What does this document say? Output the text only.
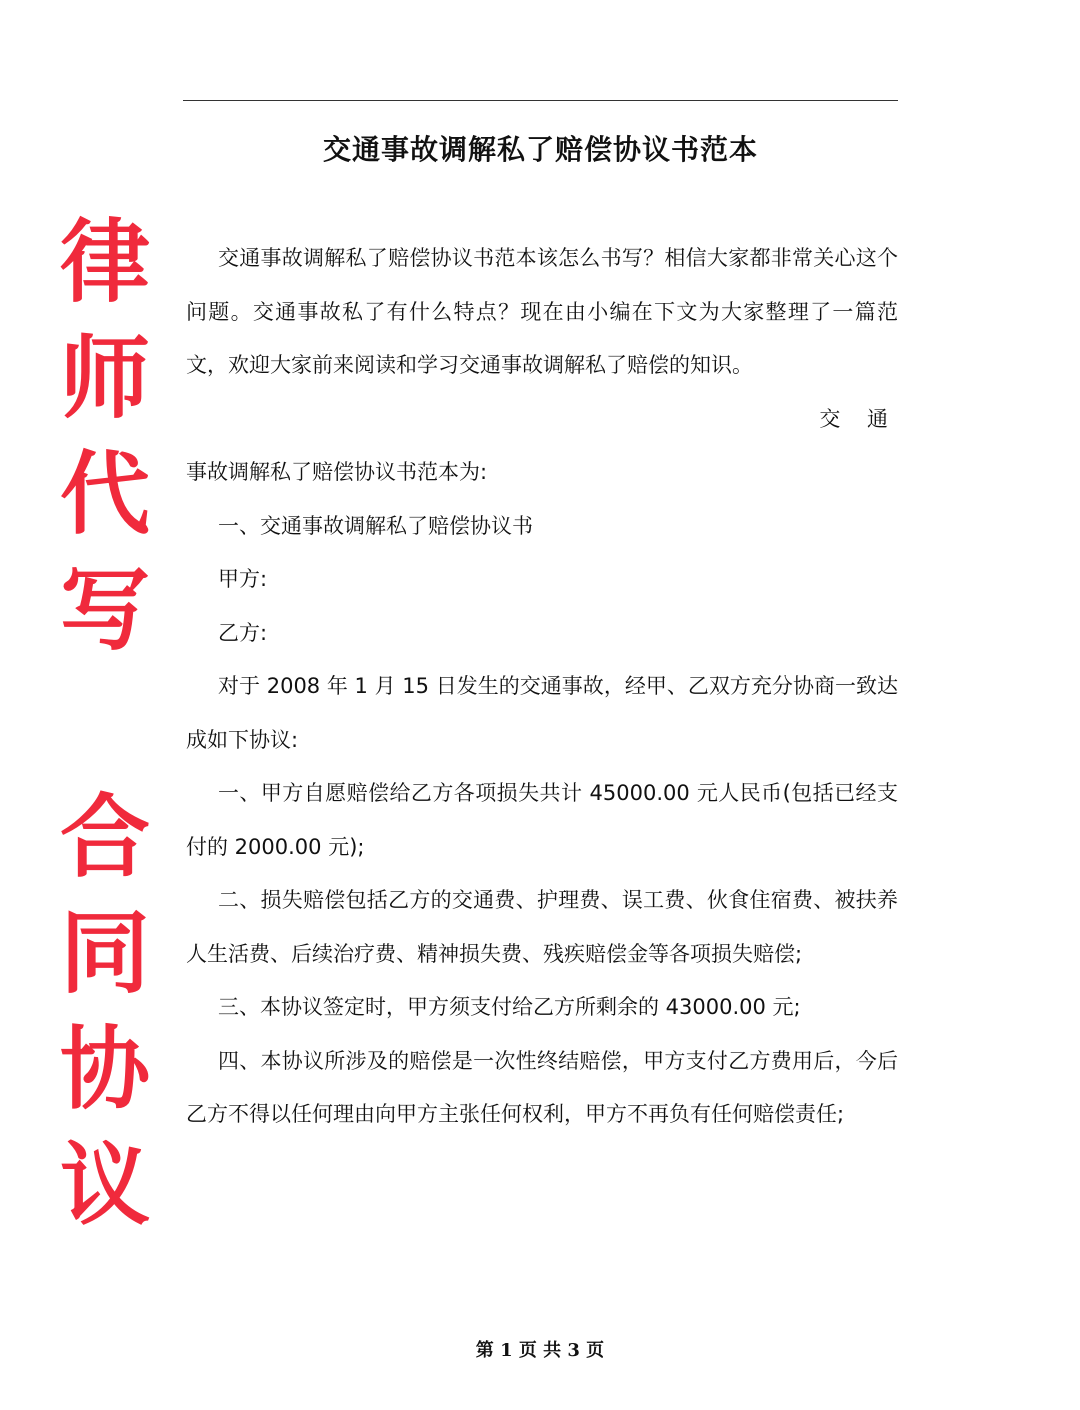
交通事故调解私了赔偿协议书范本
律
师
代
写
合
同
协
议

交通事故调解私了赔偿协议书范本该怎么书写？相信大家都非常关心这个问题。交通事故私了有什么特点？现在由小编在下文为大家整理了一篇范文，欢迎大家前来阅读和学习交通事故调解私了赔偿的知识。

交 通

事故调解私了赔偿协议书范本为:

一、交通事故调解私了赔偿协议书

甲方:

乙方:

对于 2008 年 1 月 15 日发生的交通事故，经甲、乙双方充分协商一致达成如下协议:

一、甲方自愿赔偿给乙方各项损失共计 45000.00 元人民币(包括已经支付的 2000.00 元);

二、损失赔偿包括乙方的交通费、护理费、误工费、伙食住宿费、被扶养人生活费、后续治疗费、精神损失费、残疾赔偿金等各项损失赔偿;

三、本协议签定时，甲方须支付给乙方所剩余的 43000.00 元;

四、本协议所涉及的赔偿是一次性终结赔偿，甲方支付乙方费用后，今后乙方不得以任何理由向甲方主张任何权利，甲方不再负有任何赔偿责任;

第 1 页 共 3 页
